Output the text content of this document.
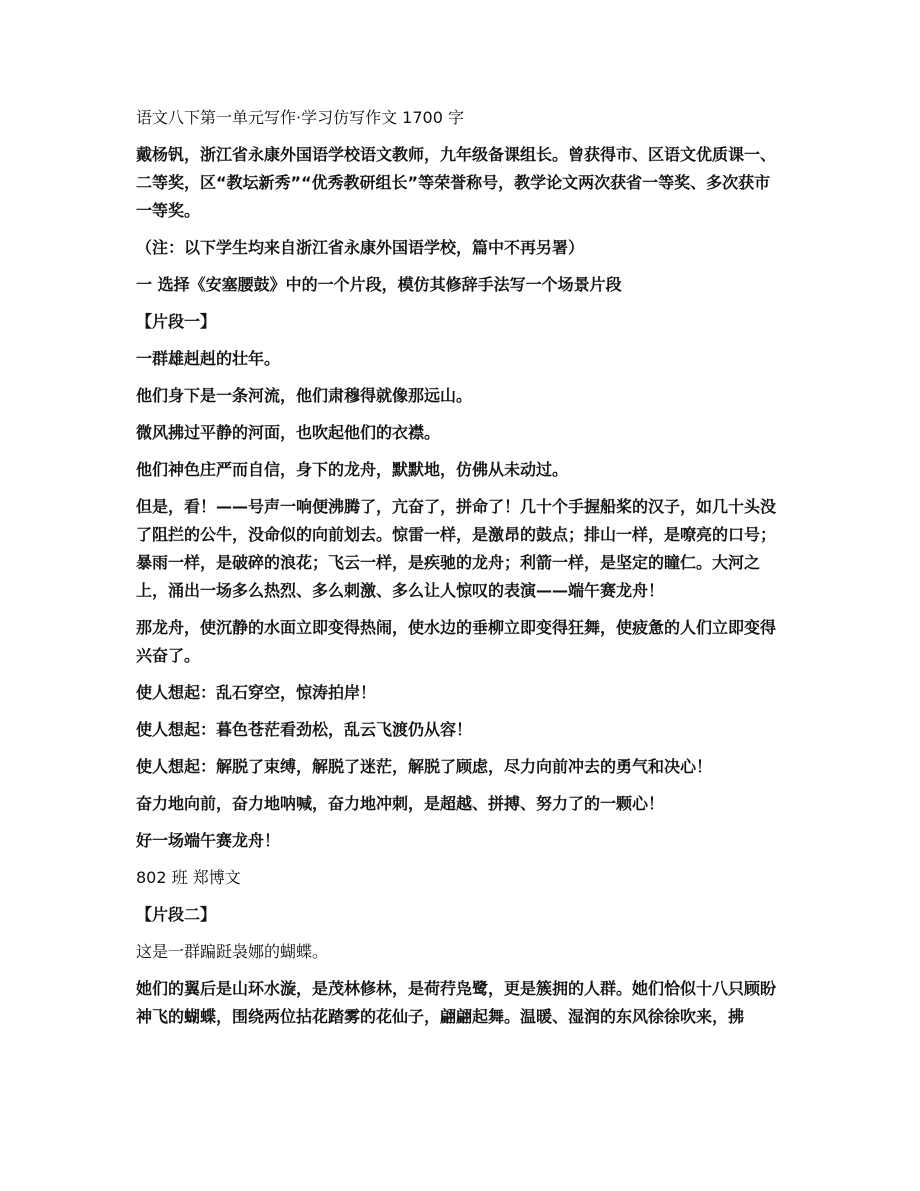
语文八下第一单元写作·学习仿写作文 1700 字

戴杨钒，浙江省永康外国语学校语文教师，九年级备课组长。曾获得市、区语文优质课一、二等奖，区“教坛新秀”“优秀教研组长”等荣誉称号，教学论文两次获省一等奖、多次获市一等奖。

（注：以下学生均来自浙江省永康外国语学校，篇中不再另署）

一 选择《安塞腰鼓》中的一个片段，模仿其修辞手法写一个场景片段

【片段一】

一群雄赳赳的壮年。

他们身下是一条河流，他们肃穆得就像那远山。

微风拂过平静的河面，也吹起他们的衣襟。

他们神色庄严而自信，身下的龙舟，默默地，仿佛从未动过。

但是，看！——号声一响便沸腾了，亢奋了，拼命了！几十个手握船桨的汉子，如几十头没了阻拦的公牛，没命似的向前划去。惊雷一样，是激昂的鼓点；排山一样，是嘹亮的口号；暴雨一样，是破碎的浪花；飞云一样，是疾驰的龙舟；利箭一样，是坚定的瞳仁。大河之上，涌出一场多么热烈、多么刺激、多么让人惊叹的表演——端午赛龙舟！

那龙舟，使沉静的水面立即变得热闹，使水边的垂柳立即变得狂舞，使疲惫的人们立即变得兴奋了。

使人想起：乱石穿空，惊涛拍岸！

使人想起：暮色苍茫看劲松，乱云飞渡仍从容！

使人想起：解脱了束缚，解脱了迷茫，解脱了顾虑，尽力向前冲去的勇气和决心！

奋力地向前，奋力地呐喊，奋力地冲刺，是超越、拼搏、努力了的一颗心！

好一场端午赛龙舟！

802 班 郑博文

【片段二】

这是一群蹁跹袅娜的蝴蝶。

她们的翼后是山环水漩，是茂林修林，是荷荇凫鹭，更是簇拥的人群。她们恰似十八只顾盼神飞的蝴蝶，围绕两位拈花踏雾的花仙子，翩翩起舞。温暖、湿润的东风徐徐吹来，拂
